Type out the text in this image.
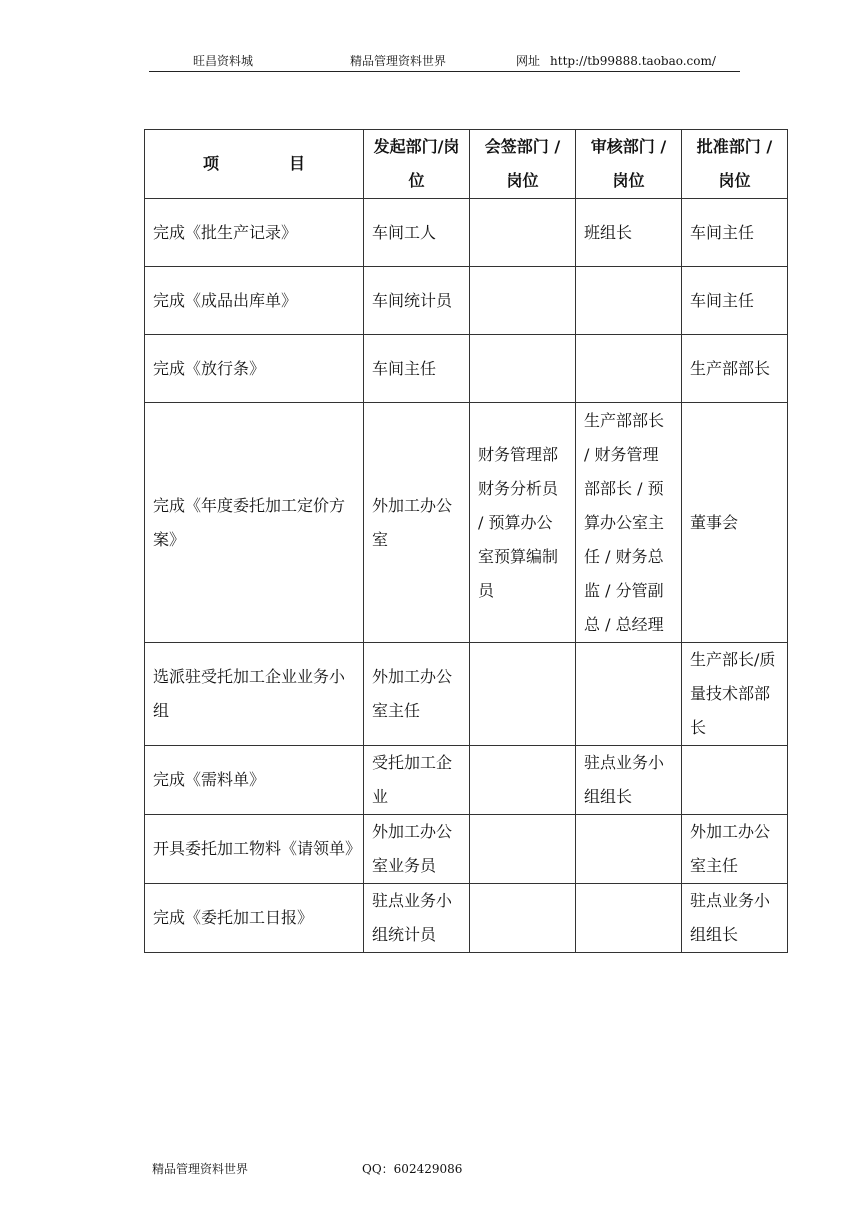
旺昌资料城	精品管理资料世界	网址 http://tb99888.taobao.com/
项 目	发起部门/岗位	会签部门 / 岗位	审核部门 / 岗位	批准部门 / 岗位
完成《批生产记录》	车间工人		班组长	车间主任
完成《成品出库单》	车间统计员			车间主任
完成《放行条》	车间主任			生产部部长
完成《年度委托加工定价方案》	外加工办公室	财务管理部财务分析员 / 预算办公室预算编制员	生产部部长 / 财务管理部部长 / 预算办公室主任 / 财务总监 / 分管副总 / 总经理	董事会
选派驻受托加工企业业务小组	外加工办公室主任			生产部长/质量技术部部长
完成《需料单》	受托加工企业		驻点业务小组组长	
开具委托加工物料《请领单》	外加工办公室业务员			外加工办公室主任
完成《委托加工日报》	驻点业务小组统计员			驻点业务小组组长
精品管理资料世界	QQ：602429086
